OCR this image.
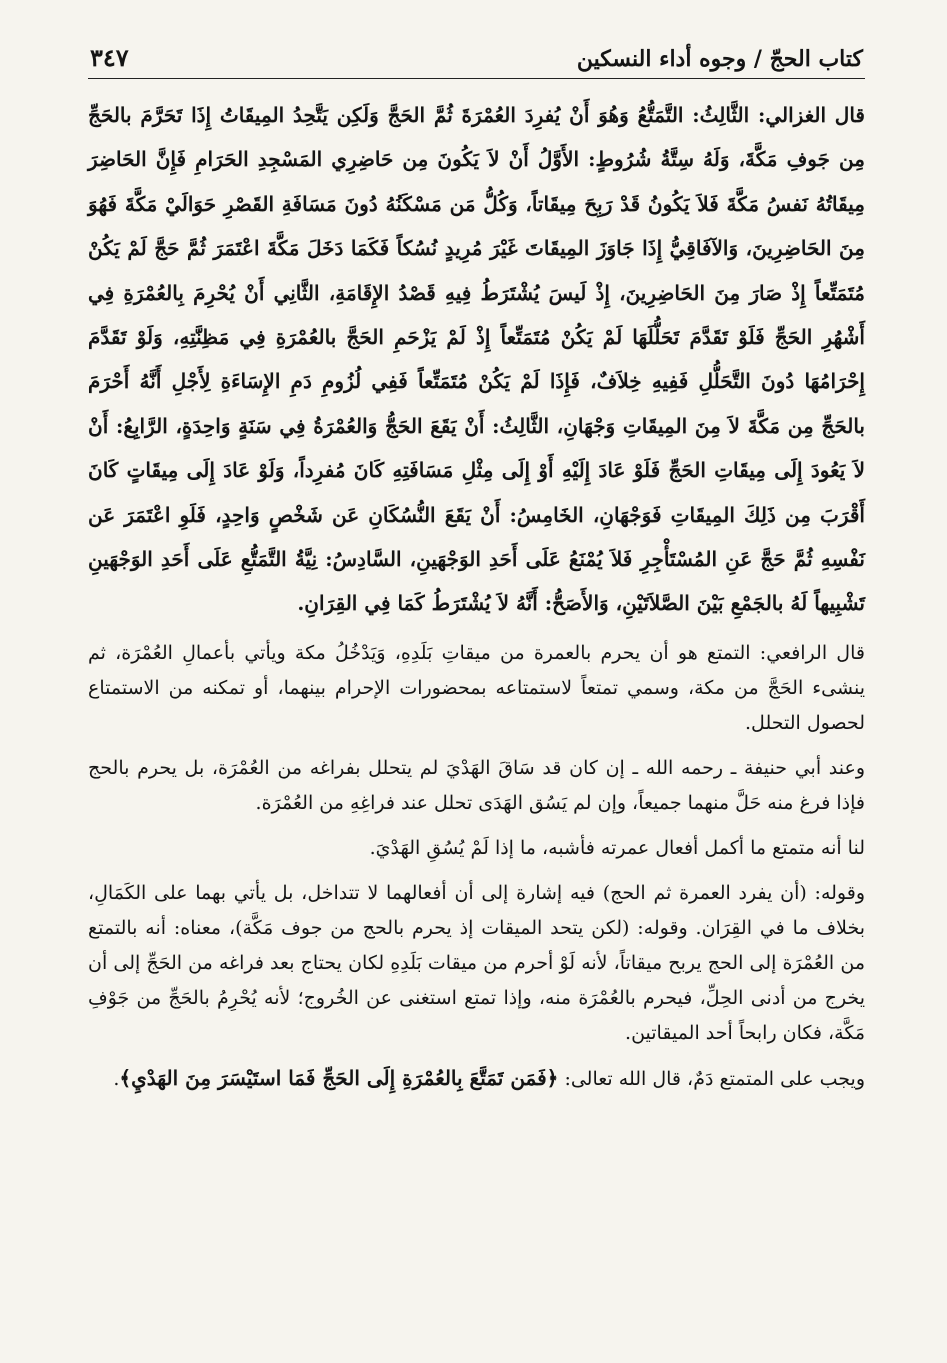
كتاب الحجّ / وجوه أداء النسكين
٣٤٧

قال الغزالي: الثَّالِثُ: التَّمَتُّعُ وَهُوَ أَنْ يُفرِدَ العُمْرَةَ ثُمَّ الحَجَّ وَلَكِن يَتَّحِدُ المِيقَاتُ إِذَا تَحَرَّمَ بالحَجِّ مِن جَوفِ مَكَّةَ، وَلَهُ سِتَّةُ شُرُوطٍ: الأَوَّلُ أَنْ لاَ يَكُونَ مِن حَاضِرِي المَسْجِدِ الحَرَامِ فَإِنَّ الحَاضِرَ مِيقَاتُهُ نَفسُ مَكَّةَ فَلاَ يَكُونُ قَدْ رَبِحَ مِيقَاتاً، وَكُلُّ مَن مَسْكَنُهُ دُونَ مَسَافَةِ القَصْرِ حَوَالَيْ مَكَّةَ فَهُوَ مِنَ الحَاضِرِينَ، وَالآفَاقِيُّ إِذَا جَاوَزَ المِيقَاتَ غَيْرَ مُرِيدٍ نُسُكاً فَكَمَا دَخَلَ مَكَّةَ اعْتَمَرَ ثُمَّ حَجَّ لَمْ يَكُنْ مُتَمَتِّعاً إِذْ صَارَ مِنَ الحَاضِرِينَ، إِذْ لَيسَ يُشْتَرَطُ فِيهِ قَصْدُ الإِقَامَةِ، الثَّانِي أَنْ يُحْرِمَ بِالعُمْرَةِ فِي أَشْهُرِ الحَجِّ فَلَوْ تَقَدَّمَ تَحَلُّلَهَا لَمْ يَكُنْ مُتَمَتِّعاً إِذْ لَمْ يَزْحَمِ الحَجَّ بالعُمْرَةِ فِي مَظِنَّتِهِ، وَلَوْ تَقَدَّمَ إِحْرَامُهَا دُونَ التَّحَلُّلِ فَفِيهِ خِلاَفٌ، فَإِذَا لَمْ يَكُنْ مُتَمَتِّعاً فَفِي لُزُومِ دَمِ الإِسَاءَةِ لِأَجْلِ أَنَّهُ أَحْرَمَ بالحَجِّ مِن مَكَّةَ لاَ مِنَ المِيقَاتِ وَجْهَانِ، الثَّالِثُ: أَنْ يَقَعَ الحَجُّ وَالعُمْرَةُ فِي سَنَةٍ وَاحِدَةٍ، الرَّابِعُ: أَنْ لاَ يَعُودَ إِلَى مِيقَاتِ الحَجِّ فَلَوْ عَادَ إِلَيْهِ أَوْ إِلَى مِثْلِ مَسَافَتِهِ كَانَ مُفرِداً، وَلَوْ عَادَ إِلَى مِيقَاتٍ كَانَ أَقْرَبَ مِن ذَلِكَ المِيقَاتِ فَوَجْهَانِ، الخَامِسُ: أَنْ يَقَعَ النُّسُكَانِ عَن شَخْصٍ وَاحِدٍ، فَلَوِ اعْتَمَرَ عَن نَفْسِهِ ثُمَّ حَجَّ عَنِ المُسْتَأْجِرِ فَلاَ يُمْنَعُ عَلَى أَحَدِ الوَجْهَينِ، السَّادِسُ: نِيَّةُ التَّمَتُّعِ عَلَى أَحَدِ الوَجْهَينِ تَشْبِيهاً لَهُ بالجَمْعِ بَيْنَ الصَّلاَتَيْنِ، وَالأَصَحُّ: أَنَّهُ لاَ يُشْتَرَطُ كَمَا فِي القِرَانِ.

قال الرافعي: التمتع هو أن يحرم بالعمرة من ميقاتِ بَلَدِهِ، وَيَدْخُلُ مكة ويأتي بأعمالِ العُمْرَة، ثم ينشىء الحَجَّ من مكة، وسمي تمتعاً لاستمتاعه بمحضورات الإحرام بينهما، أو تمكنه من الاستمتاع لحصول التحلل.

وعند أبي حنيفة ـ رحمه الله ـ إن كان قد سَاقَ الهَدْيَ لم يتحلل بفراغه من العُمْرَة، بل يحرم بالحج فإذا فرغ منه حَلَّ منهما جميعاً، وإن لم يَسُق الهَدَى تحلل عند فراغِهِ من العُمْرَة.

لنا أنه متمتع ما أكمل أفعال عمرته فأشبه، ما إذا لَمْ يُسُقِ الهَدْيَ.

وقوله: (أن يفرد العمرة ثم الحج) فيه إشارة إلى أن أفعالهما لا تتداخل، بل يأتي بهما على الكَمَالِ، بخلاف ما في القِرَان. وقوله: (لكن يتحد الميقات إذ يحرم بالحج من جوف مَكَّة)، معناه: أنه بالتمتع من العُمْرَة إلى الحج يربح ميقاتاً، لأنه لَوْ أحرم من ميقات بَلَدِهِ لكان يحتاج بعد فراغه من الحَجِّ إلى أن يخرج من أدنى الحِلِّ، فيحرم بالعُمْرَة منه، وإذا تمتع استغنى عن الخُروج؛ لأنه يُحْرِمُ بالحَجِّ من جَوْفِ مَكَّة، فكان رابحاً أحد الميقاتين.

ويجب على المتمتع دَمٌ، قال الله تعالى: ﴿فَمَن تَمَتَّعَ بِالعُمْرَةِ إِلَى الحَجِّ فَمَا استَيْسَرَ مِنَ الهَدْيِ﴾.
